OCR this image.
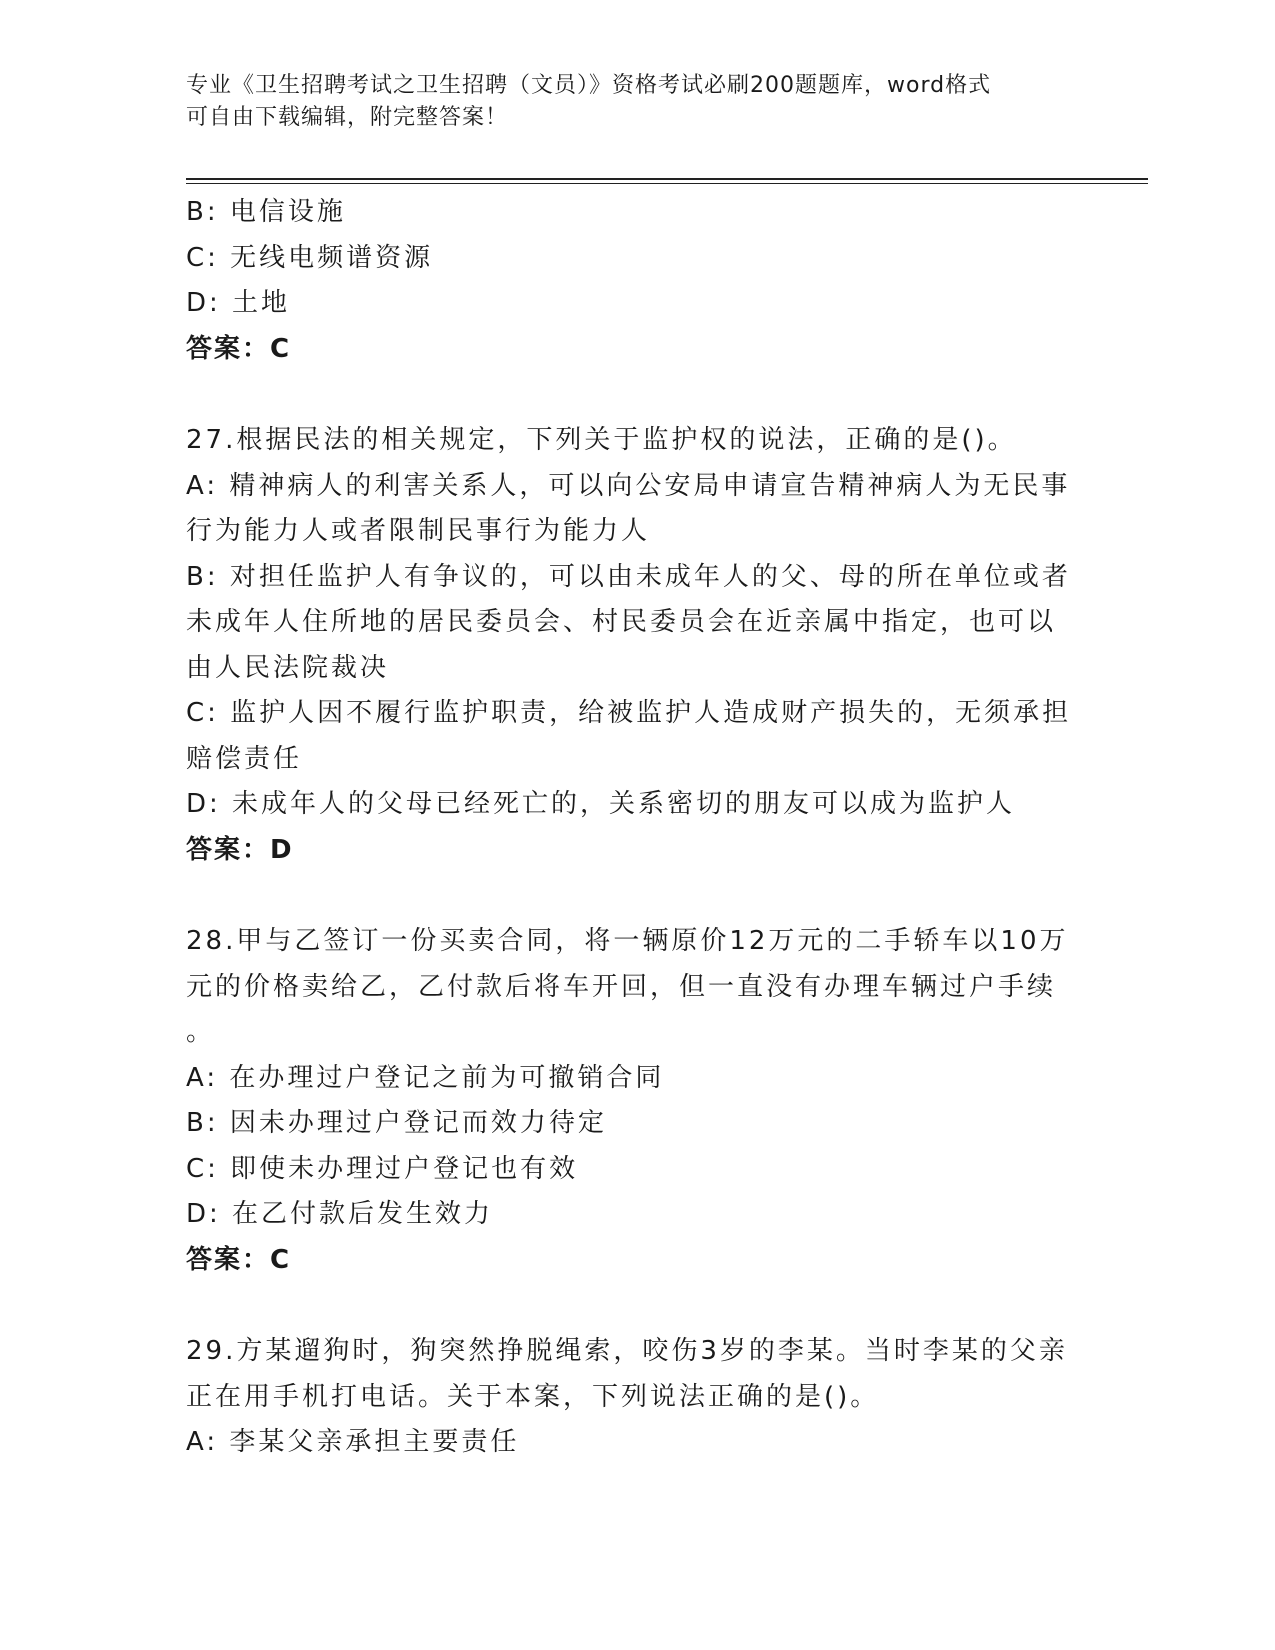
专业《卫生招聘考试之卫生招聘（文员）》资格考试必刷200题题库，word格式
可自由下载编辑，附完整答案！
B: 电信设施
C: 无线电频谱资源
D: 土地
答案：C
27.根据民法的相关规定，下列关于监护权的说法，正确的是()。
A: 精神病人的利害关系人，可以向公安局申请宣告精神病人为无民事
行为能力人或者限制民事行为能力人
B: 对担任监护人有争议的，可以由未成年人的父、母的所在单位或者
未成年人住所地的居民委员会、村民委员会在近亲属中指定，也可以
由人民法院裁决
C: 监护人因不履行监护职责，给被监护人造成财产损失的，无须承担
赔偿责任
D: 未成年人的父母已经死亡的，关系密切的朋友可以成为监护人
答案：D
28.甲与乙签订一份买卖合同，将一辆原价12万元的二手轿车以10万
元的价格卖给乙，乙付款后将车开回，但一直没有办理车辆过户手续
。
A: 在办理过户登记之前为可撤销合同
B: 因未办理过户登记而效力待定
C: 即使未办理过户登记也有效
D: 在乙付款后发生效力
答案：C
29.方某遛狗时，狗突然挣脱绳索，咬伤3岁的李某。当时李某的父亲
正在用手机打电话。关于本案，下列说法正确的是()。
A: 李某父亲承担主要责任
